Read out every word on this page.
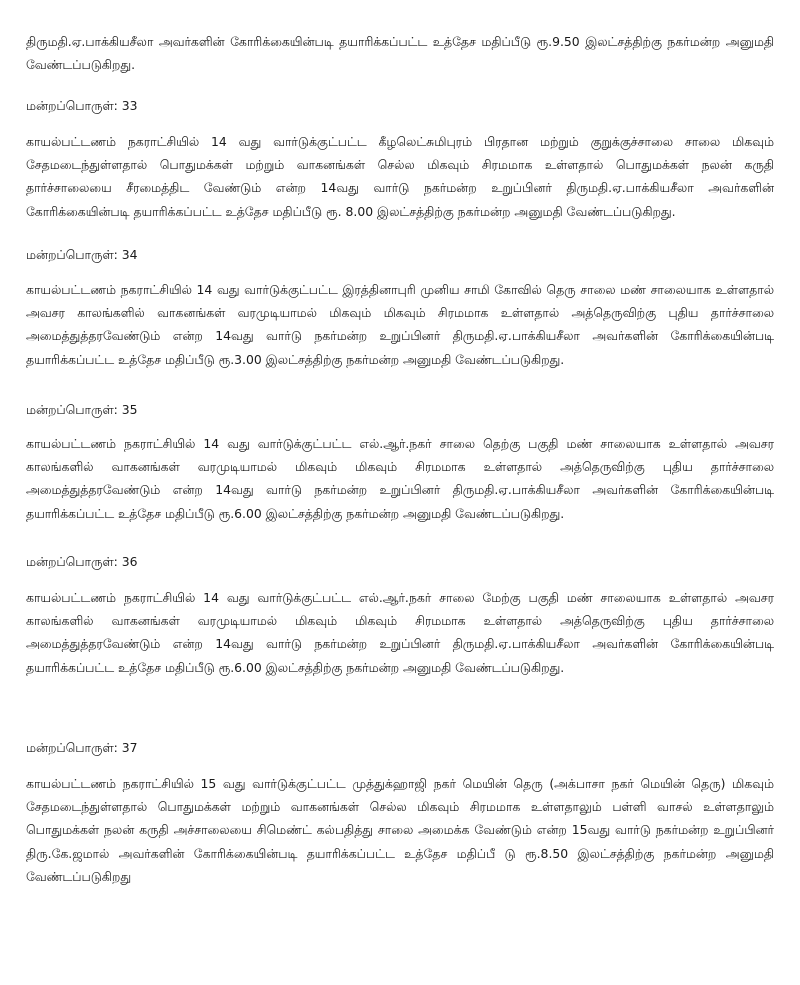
திருமதி.ஏ.பாக்கியசீலா அவர்களின் கோரிக்கையின்படி தயாரிக்கப்பட்ட உத்தேச மதிப்பீடு ரூ.9.50 இலட்சத்திற்கு நகர்மன்ற அனுமதி வேண்டப்படுகிறது.

மன்றப்பொருள்: 33

காயல்பட்டணம் நகராட்சியில் 14 வது வார்டுக்குட்பட்ட கீழலெட்சுமிபுரம் பிரதான மற்றும் குறுக்குச்சாலை சாலை மிகவும் சேதமடைந்துள்ளதால் பொதுமக்கள் மற்றும் வாகனங்கள் செல்ல மிகவும் சிரமமாக உள்ளதால் பொதுமக்கள் நலன் கருதி தார்ச்சாலையை சீரமைத்திட வேண்டும் என்ற 14வது வார்டு நகர்மன்ற உறுப்பினர் திருமதி.ஏ.பாக்கியசீலா அவர்களின் கோரிக்கையின்படி தயாரிக்கப்பட்ட உத்தேச மதிப்பீடு ரூ. 8.00 இலட்சத்திற்கு நகர்மன்ற அனுமதி வேண்டப்படுகிறது.

மன்றப்பொருள்: 34

காயல்பட்டணம் நகராட்சியில் 14 வது வார்டுக்குட்பட்ட இரத்தினாபுரி முனிய சாமி கோவில் தெரு சாலை மண் சாலையாக உள்ளதால் அவசர காலங்களில் வாகனங்கள் வரமுடியாமல் மிகவும் மிகவும் சிரமமாக உள்ளதால் அத்தெருவிற்கு புதிய தார்ச்சாலை அமைத்துத்தரவேண்டும் என்ற 14வது வார்டு நகர்மன்ற உறுப்பினர் திருமதி.ஏ.பாக்கியசீலா அவர்களின் கோரிக்கையின்படி தயாரிக்கப்பட்ட உத்தேச மதிப்பீடு ரூ.3.00 இலட்சத்திற்கு நகர்மன்ற அனுமதி வேண்டப்படுகிறது.

மன்றப்பொருள்: 35

காயல்பட்டணம் நகராட்சியில் 14 வது வார்டுக்குட்பட்ட எல்.ஆர்.நகர் சாலை தெற்கு பகுதி மண் சாலையாக உள்ளதால் அவசர காலங்களில் வாகனங்கள் வரமுடியாமல் மிகவும் மிகவும் சிரமமாக உள்ளதால் அத்தெருவிற்கு புதிய தார்ச்சாலை அமைத்துத்தரவேண்டும் என்ற 14வது வார்டு நகர்மன்ற உறுப்பினர் திருமதி.ஏ.பாக்கியசீலா அவர்களின் கோரிக்கையின்படி தயாரிக்கப்பட்ட உத்தேச மதிப்பீடு ரூ.6.00 இலட்சத்திற்கு நகர்மன்ற அனுமதி வேண்டப்படுகிறது.

மன்றப்பொருள்: 36

காயல்பட்டணம் நகராட்சியில் 14 வது வார்டுக்குட்பட்ட எல்.ஆர்.நகர் சாலை மேற்கு பகுதி மண் சாலையாக உள்ளதால் அவசர காலங்களில் வாகனங்கள் வரமுடியாமல் மிகவும் மிகவும் சிரமமாக உள்ளதால் அத்தெருவிற்கு புதிய தார்ச்சாலை அமைத்துத்தரவேண்டும் என்ற 14வது வார்டு நகர்மன்ற உறுப்பினர் திருமதி.ஏ.பாக்கியசீலா அவர்களின் கோரிக்கையின்படி தயாரிக்கப்பட்ட உத்தேச மதிப்பீடு ரூ.6.00 இலட்சத்திற்கு நகர்மன்ற அனுமதி வேண்டப்படுகிறது.

மன்றப்பொருள்: 37

காயல்பட்டணம் நகராட்சியில் 15 வது வார்டுக்குட்பட்ட முத்துக்ஹாஜி நகர் மெயின் தெரு (அக்பாசா நகர் மெயின் தெரு) மிகவும் சேதமடைந்துள்ளதால் பொதுமக்கள் மற்றும் வாகனங்கள் செல்ல மிகவும் சிரமமாக உள்ளதாலும் பள்ளி வாசல் உள்ளதாலும் பொதுமக்கள் நலன் கருதி அச்சாலையை சிமெண்ட் கல்பதித்து சாலை அமைக்க வேண்டும் என்ற 15வது வார்டு நகர்மன்ற உறுப்பினர் திரு.கே.ஜமால் அவர்களின் கோரிக்கையின்படி தயாரிக்கப்பட்ட உத்தேச மதிப்பீ டு ரூ.8.50 இலட்சத்திற்கு நகர்மன்ற அனுமதி வேண்டப்படுகிறது
